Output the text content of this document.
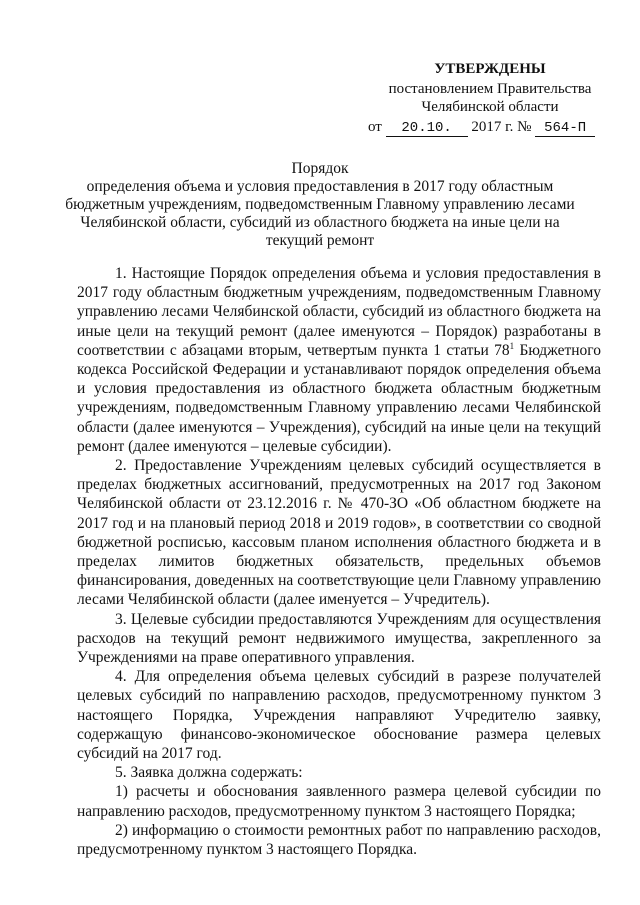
УТВЕРЖДЕНЫ
постановлением Правительства
Челябинской области
от 20.10. 2017 г. № 564-П
Порядок
определения объема и условия предоставления в 2017 году областным бюджетным учреждениям, подведомственным Главному управлению лесами Челябинской области, субсидий из областного бюджета на иные цели на текущий ремонт

1. Настоящие Порядок определения объема и условия предоставления в 2017 году областным бюджетным учреждениям, подведомственным Главному управлению лесами Челябинской области, субсидий из областного бюджета на иные цели на текущий ремонт (далее именуются – Порядок) разработаны в соответствии с абзацами вторым, четвертым пункта 1 статьи $78^1$ Бюджетного кодекса Российской Федерации и устанавливают порядок определения объема и условия предоставления из областного бюджета областным бюджетным учреждениям, подведомственным Главному управлению лесами Челябинской области (далее именуются – Учреждения), субсидий на иные цели на текущий ремонт (далее именуются – целевые субсидии).

2. Предоставление Учреждениям целевых субсидий осуществляется в пределах бюджетных ассигнований, предусмотренных на 2017 год Законом Челябинской области от 23.12.2016 г. № 470-ЗО «Об областном бюджете на 2017 год и на плановый период 2018 и 2019 годов», в соответствии со сводной бюджетной росписью, кассовым планом исполнения областного бюджета и в пределах лимитов бюджетных обязательств, предельных объемов финансирования, доведенных на соответствующие цели Главному управлению лесами Челябинской области (далее именуется – Учредитель).

3. Целевые субсидии предоставляются Учреждениям для осуществления расходов на текущий ремонт недвижимого имущества, закрепленного за Учреждениями на праве оперативного управления.

4. Для определения объема целевых субсидий в разрезе получателей целевых субсидий по направлению расходов, предусмотренному пунктом 3 настоящего Порядка, Учреждения направляют Учредителю заявку, содержащую финансово-экономическое обоснование размера целевых субсидий на 2017 год.

5. Заявка должна содержать:

1) расчеты и обоснования заявленного размера целевой субсидии по направлению расходов, предусмотренному пунктом 3 настоящего Порядка;

2) информацию о стоимости ремонтных работ по направлению расходов, предусмотренному пунктом 3 настоящего Порядка.
